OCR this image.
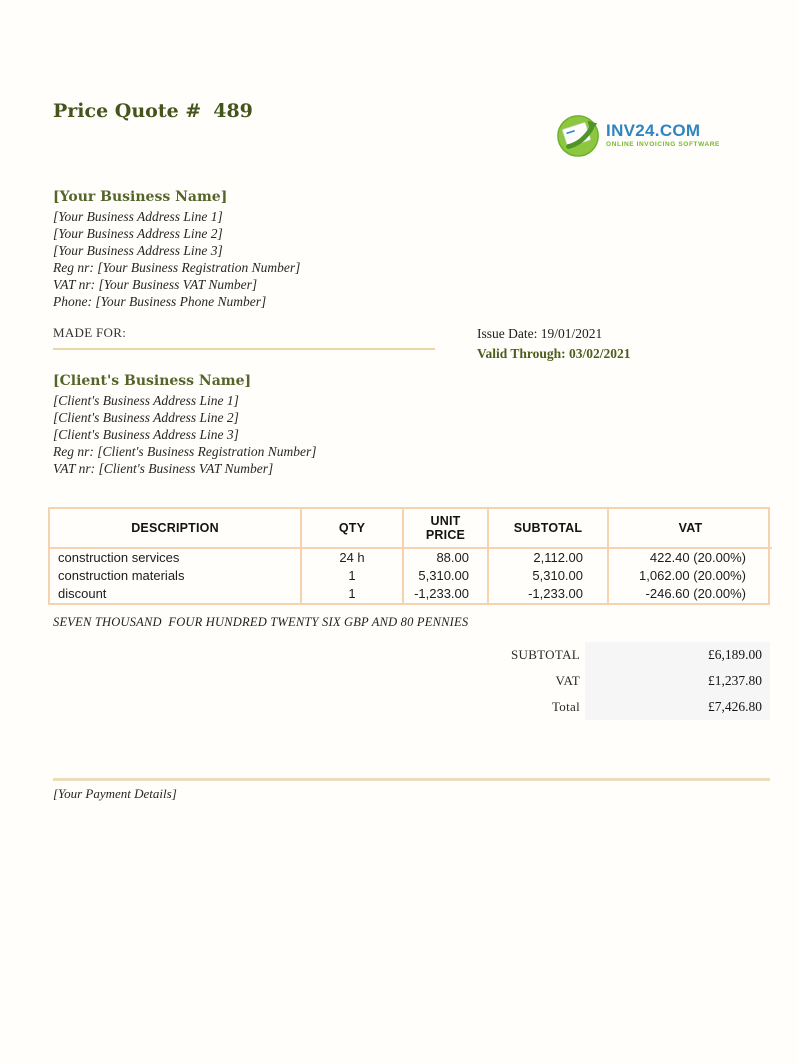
Price Quote # 489
INV24.COM
ONLINE INVOICING SOFTWARE
[Your Business Name]
[Your Business Address Line 1]
[Your Business Address Line 2]
[Your Business Address Line 3]
Reg nr: [Your Business Registration Number]
VAT nr: [Your Business VAT Number]
Phone: [Your Business Phone Number]
MADE FOR:	Issue Date: 19/01/2021
Valid Through: 03/02/2021
[Client's Business Name]
[Client's Business Address Line 1]
[Client's Business Address Line 2]
[Client's Business Address Line 3]
Reg nr: [Client's Business Registration Number]
VAT nr: [Client's Business VAT Number]
DESCRIPTION	QTY	UNIT PRICE	SUBTOTAL	VAT
construction services	24 h	88.00	2,112.00	422.40 (20.00%)
construction materials	1	5,310.00	5,310.00	1,062.00 (20.00%)
discount	1	-1,233.00	-1,233.00	-246.60 (20.00%)
SEVEN THOUSAND  FOUR HUNDRED TWENTY SIX GBP AND 80 PENNIES
SUBTOTAL	£6,189.00
VAT	£1,237.80
Total	£7,426.80
[Your Payment Details]
